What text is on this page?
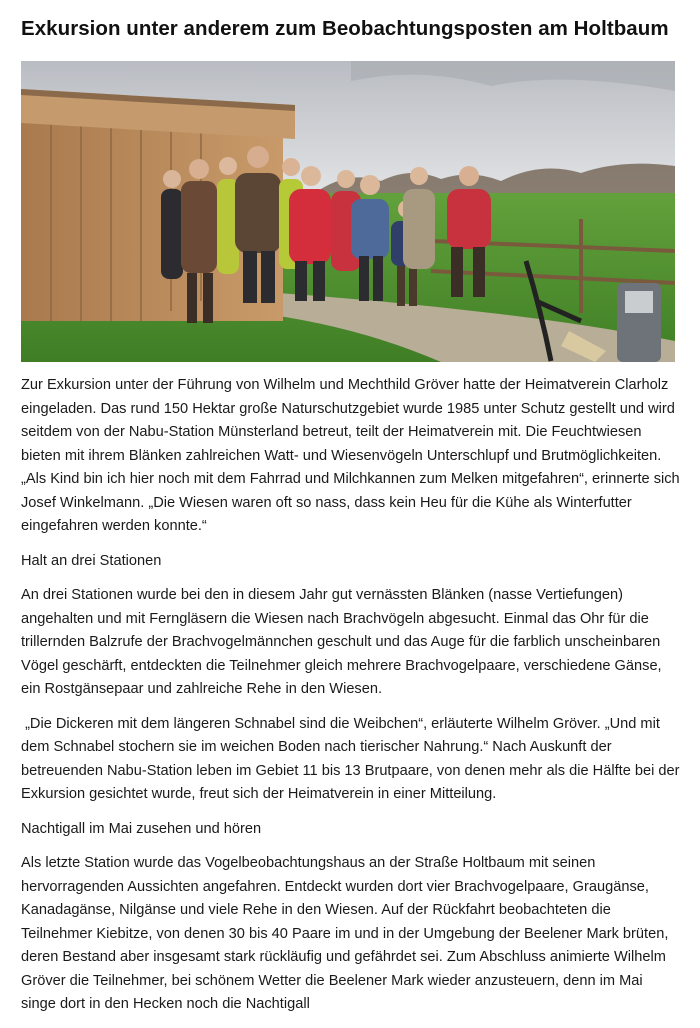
Exkursion unter anderem zum Beobachtungsposten am Holtbaum

Zur Exkursion unter der Führung von Wilhelm und Mechthild Gröver hatte der Heimatverein Clarholz eingeladen. Das rund 150 Hektar große Naturschutzgebiet wurde 1985 unter Schutz gestellt und wird seitdem von der Nabu-Station Münsterland betreut, teilt der Heimatverein mit. Die Feuchtwiesen bieten mit ihrem Blänken zahlreichen Watt- und Wiesenvögeln Unterschlupf und Brutmöglichkeiten. „Als Kind bin ich hier noch mit dem Fahrrad und Milchkannen zum Melken mitgefahren“, erinnerte sich Josef Winkelmann. „Die Wiesen waren oft so nass, dass kein Heu für die Kühe als Winterfutter eingefahren werden konnte.“

Halt an drei Stationen

An drei Stationen wurde bei den in diesem Jahr gut vernässten Blänken (nasse Vertiefungen) angehalten und mit Ferngläsern die Wiesen nach Brachvögeln abgesucht. Einmal das Ohr für die trillernden Balzrufe der Brachvogelmännchen geschult und das Auge für die farblich unscheinbaren Vögel geschärft, entdeckten die Teilnehmer gleich mehrere Brachvogelpaare, verschiedene Gänse, ein Rostgänsepaar und zahlreiche Rehe in den Wiesen.

„Die Dickeren mit dem längeren Schnabel sind die Weibchen“, erläuterte Wilhelm Gröver. „Und mit dem Schnabel stochern sie im weichen Boden nach tierischer Nahrung.“ Nach Auskunft der betreuenden Nabu-Station leben im Gebiet 11 bis 13 Brutpaare, von denen mehr als die Hälfte bei der Exkursion gesichtet wurde, freut sich der Heimatverein in einer Mitteilung.

Nachtigall im Mai zusehen und hören

Als letzte Station wurde das Vogelbeobachtungshaus an der Straße Holtbaum mit seinen hervorragenden Aussichten angefahren. Entdeckt wurden dort vier Brachvogelpaare, Graugänse, Kanadagänse, Nilgänse und viele Rehe in den Wiesen. Auf der Rückfahrt beobachteten die Teilnehmer Kiebitze, von denen 30 bis 40 Paare im und in der Umgebung der Beelener Mark brüten, deren Bestand aber insgesamt stark rückläufig und gefährdet sei. Zum Abschluss animierte Wilhelm Gröver die Teilnehmer, bei schönem Wetter die Beelener Mark wieder anzusteuern, denn im Mai singe dort in den Hecken noch die Nachtigall
